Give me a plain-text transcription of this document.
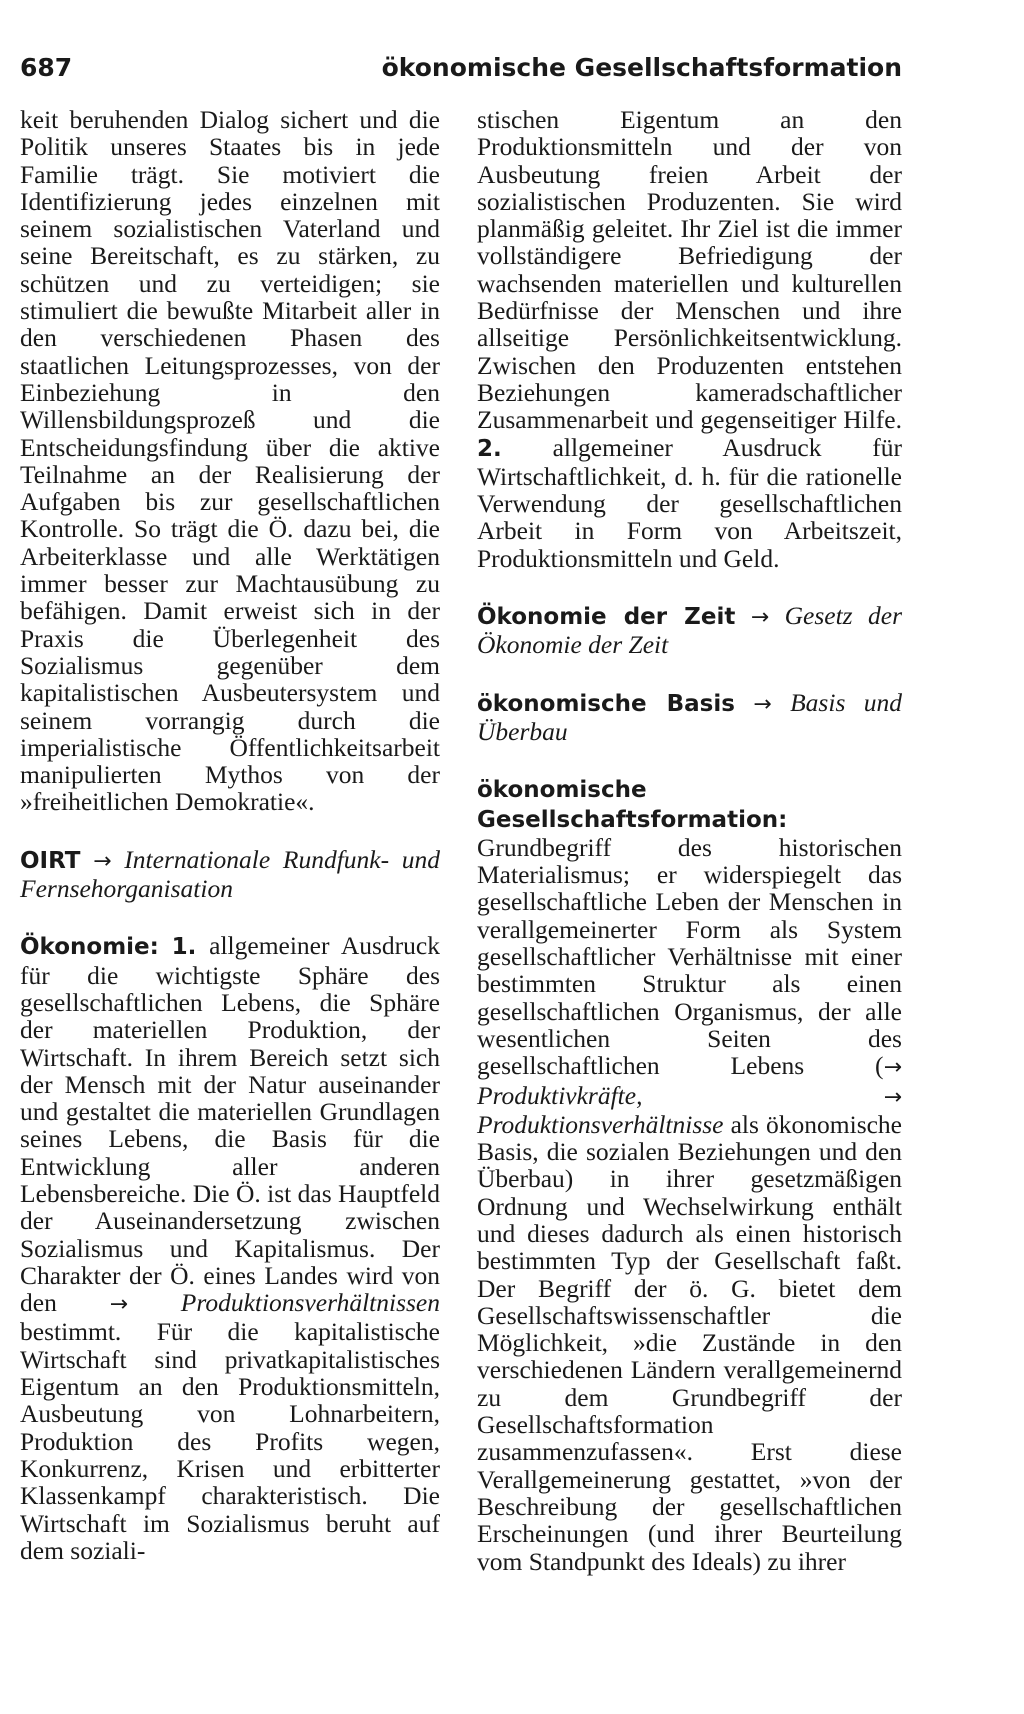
687	ökonomische Gesellschaftsformation

keit beruhenden Dialog sichert und die Politik unseres Staates bis in jede Familie trägt. Sie motiviert die Identifizierung jedes einzelnen mit seinem sozialistischen Vaterland und seine Bereitschaft, es zu stärken, zu schützen und zu verteidigen; sie stimuliert die bewußte Mitarbeit aller in den verschiedenen Phasen des staatlichen Leitungsprozesses, von der Einbeziehung in den Willensbildungsprozeß und die Entscheidungsfindung über die aktive Teilnahme an der Realisierung der Aufgaben bis zur gesellschaftlichen Kontrolle. So trägt die Ö. dazu bei, die Arbeiterklasse und alle Werktätigen immer besser zur Machtausübung zu befähigen. Damit erweist sich in der Praxis die Überlegenheit des Sozialismus gegenüber dem kapitalistischen Ausbeutersystem und seinem vorrangig durch die imperialistische Öffentlichkeitsarbeit manipulierten Mythos von der »freiheitlichen Demokratie«.

OIRT → Internationale Rundfunk- und Fernsehorganisation

Ökonomie: 1. allgemeiner Ausdruck für die wichtigste Sphäre des gesellschaftlichen Lebens, die Sphäre der materiellen Produktion, der Wirtschaft. In ihrem Bereich setzt sich der Mensch mit der Natur auseinander und gestaltet die materiellen Grundlagen seines Lebens, die Basis für die Entwicklung aller anderen Lebensbereiche. Die Ö. ist das Hauptfeld der Auseinandersetzung zwischen Sozialismus und Kapitalismus. Der Charakter der Ö. eines Landes wird von den → Produktionsverhältnissen bestimmt. Für die kapitalistische Wirtschaft sind privatkapitalistisches Eigentum an den Produktionsmitteln, Ausbeutung von Lohnarbeitern, Produktion des Profits wegen, Konkurrenz, Krisen und erbitterter Klassenkampf charakteristisch. Die Wirtschaft im Sozialismus beruht auf dem soziali-

stischen Eigentum an den Produktionsmitteln und der von Ausbeutung freien Arbeit der sozialistischen Produzenten. Sie wird planmäßig geleitet. Ihr Ziel ist die immer vollständigere Befriedigung der wachsenden materiellen und kulturellen Bedürfnisse der Menschen und ihre allseitige Persönlichkeitsentwicklung. Zwischen den Produzenten entstehen Beziehungen kameradschaftlicher Zusammenarbeit und gegenseitiger Hilfe. 2. allgemeiner Ausdruck für Wirtschaftlichkeit, d. h. für die rationelle Verwendung der gesellschaftlichen Arbeit in Form von Arbeitszeit, Produktionsmitteln und Geld.

Ökonomie der Zeit → Gesetz der Ökonomie der Zeit

ökonomische Basis → Basis und Überbau

ökonomische Gesellschaftsformation: Grundbegriff des historischen Materialismus; er widerspiegelt das gesellschaftliche Leben der Menschen in verallgemeinerter Form als System gesellschaftlicher Verhältnisse mit einer bestimmten Struktur als einen gesellschaftlichen Organismus, der alle wesentlichen Seiten des gesellschaftlichen Lebens (→ Produktivkräfte,	→ Produktionsverhältnisse als ökonomische Basis, die sozialen Beziehungen und den Überbau) in ihrer gesetzmäßigen Ordnung und Wechselwirkung enthält und dieses dadurch als einen historisch bestimmten Typ der Gesellschaft faßt. Der Begriff der ö. G. bietet dem Gesellschaftswissenschaftler die Möglichkeit, »die Zustände in den verschiedenen Ländern verallgemeinernd zu dem Grundbegriff der Gesellschaftsformation zusammenzufassen«. Erst diese Verallgemeinerung gestattet, »von der Beschreibung der gesellschaftlichen Erscheinungen (und ihrer Beurteilung vom Standpunkt des Ideals) zu ihrer
